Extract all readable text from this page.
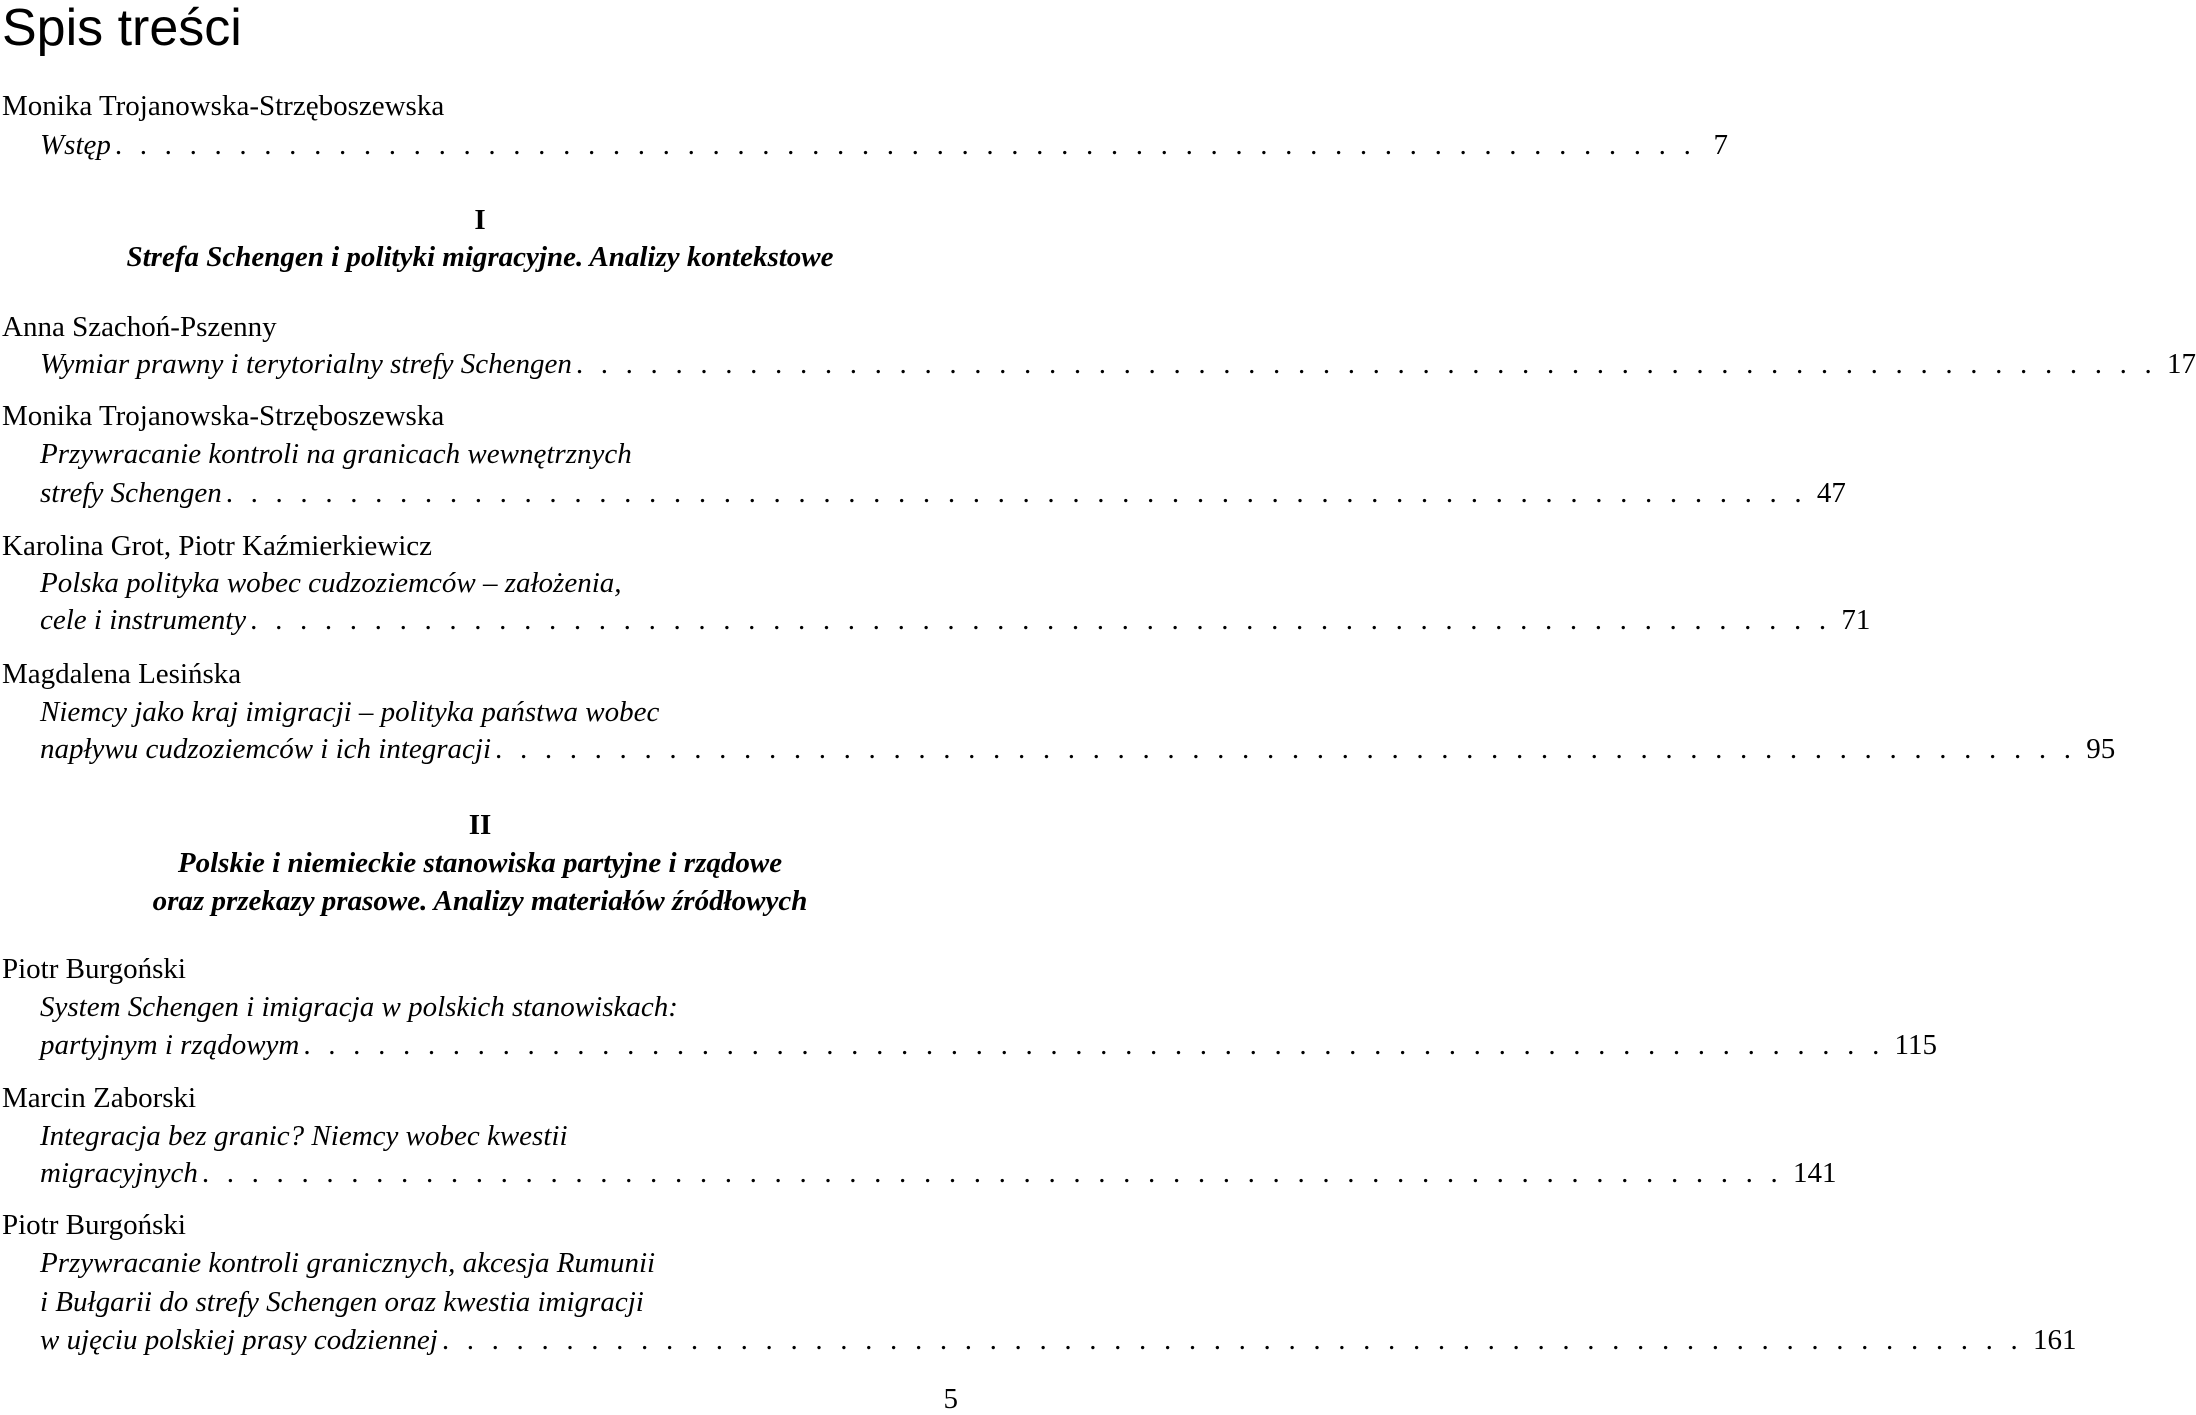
Spis treści
Monika Trojanowska-Strzęboszewska
Wstęp . . . . . . . . . . . . . . . . . . . . . . . . . . . . . . . . . . . . . . . . . . . . . . . . . . . . . . . . . . . . . . . . 7
I
Strefa Schengen i polityki migracyjne. Analizy kontekstowe
Anna Szachoń-Pszenny
Wymiar prawny i terytorialny strefy Schengen . . . . . . . . . . . . . . . . . . . . . . . . . . . . . . . . . . . . . . . . . . . . . . . . . . . . . . . . . . . . . . . . 17
Monika Trojanowska-Strzęboszewska
Przywracanie kontroli na granicach wewnętrznych
strefy Schengen . . . . . . . . . . . . . . . . . . . . . . . . . . . . . . . . . . . . . . . . . . . . . . . . . . . . . . . . . . . . . . . . 47
Karolina Grot, Piotr Kaźmierkiewicz
Polska polityka wobec cudzoziemców – założenia,
cele i instrumenty . . . . . . . . . . . . . . . . . . . . . . . . . . . . . . . . . . . . . . . . . . . . . . . . . . . . . . . . . . . . . . . . 71
Magdalena Lesińska
Niemcy jako kraj imigracji – polityka państwa wobec
napływu cudzoziemców i ich integracji . . . . . . . . . . . . . . . . . . . . . . . . . . . . . . . . . . . . . . . . . . . . . . . . . . . . . . . . . . . . . . . . 95
II
Polskie i niemieckie stanowiska partyjne i rządowe
oraz przekazy prasowe. Analizy materiałów źródłowych
Piotr Burgoński
System Schengen i imigracja w polskich stanowiskach:
partyjnym i rządowym . . . . . . . . . . . . . . . . . . . . . . . . . . . . . . . . . . . . . . . . . . . . . . . . . . . . . . . . . . . . . . . . 115
Marcin Zaborski
Integracja bez granic? Niemcy wobec kwestii
migracyjnych . . . . . . . . . . . . . . . . . . . . . . . . . . . . . . . . . . . . . . . . . . . . . . . . . . . . . . . . . . . . . . . . 141
Piotr Burgoński
Przywracanie kontroli granicznych, akcesja Rumunii
i Bułgarii do strefy Schengen oraz kwestia imigracji
w ujęciu polskiej prasy codziennej . . . . . . . . . . . . . . . . . . . . . . . . . . . . . . . . . . . . . . . . . . . . . . . . . . . . . . . . . . . . . . . . 161
5
